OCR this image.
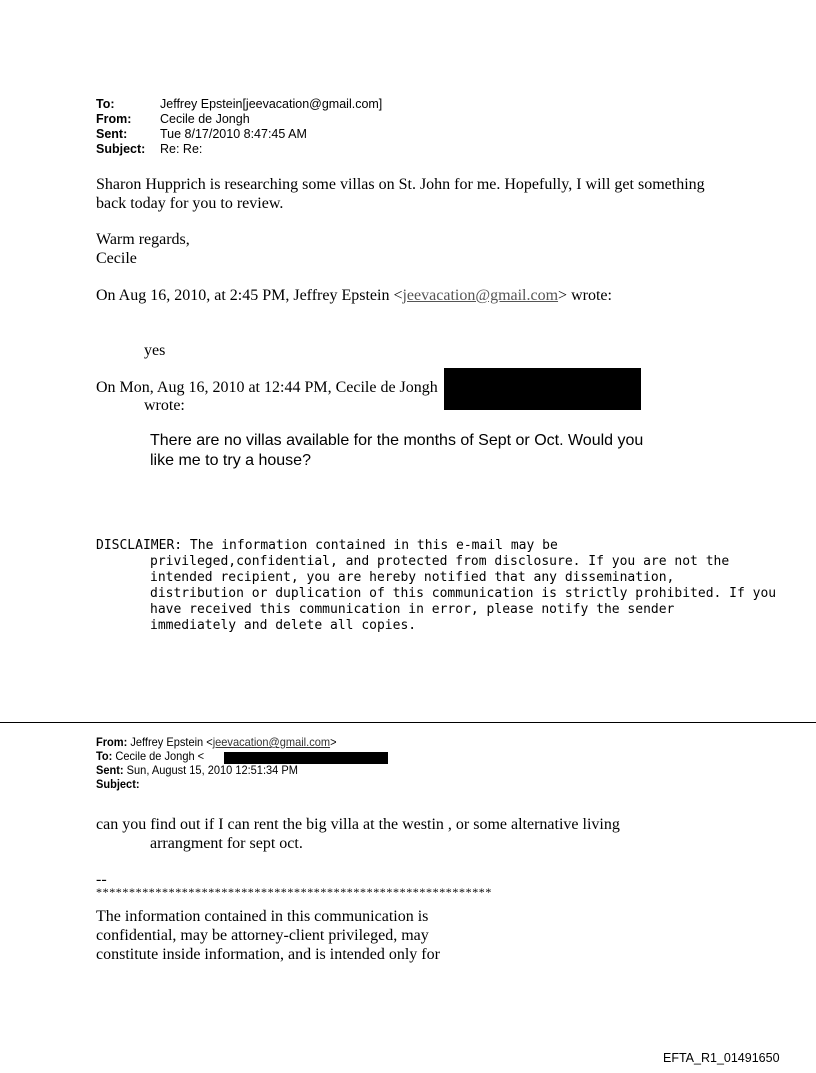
To:	Jeffrey Epstein[jeevacation@gmail.com]
From: Cecile de Jongh
Sent:	Tue 8/17/2010 8:47:45 AM
Subject: Re: Re:
Sharon Hupprich is researching some villas on St. John for me. Hopefully, I will get something
back today for you to review.
Warm regards,
Cecile
On Aug 16, 2010, at 2:45 PM, Jeffrey Epstein <jeevacation@gmail.com> wrote:
yes
On Mon, Aug 16, 2010 at 12:44 PM, Cecile de Jongh
wrote:
There are no villas available for the months of Sept or Oct. Would you
like me to try a house?
DISCLAIMER: The information contained in this e-mail may be
privileged,confidential, and protected from disclosure. If you are not the
intended recipient, you are hereby notified that any dissemination,
distribution or duplication of this communication is strictly prohibited. If you
have received this communication in error, please notify the sender
immediately and delete all copies.
From: Jeffrey Epstein <jeevacation@gmail.com>
To: Cecile de Jongh <
Sent: Sun, August 15, 2010 12:51:34 PM
Subject:
can you find out if I can rent the big villa at the westin , or some alternative living
arrangment for sept oct.
--
************************************************************
The information contained in this communication is
confidential, may be attorney-client privileged, may
constitute inside information, and is intended only for
EFTA_R1_01491650
